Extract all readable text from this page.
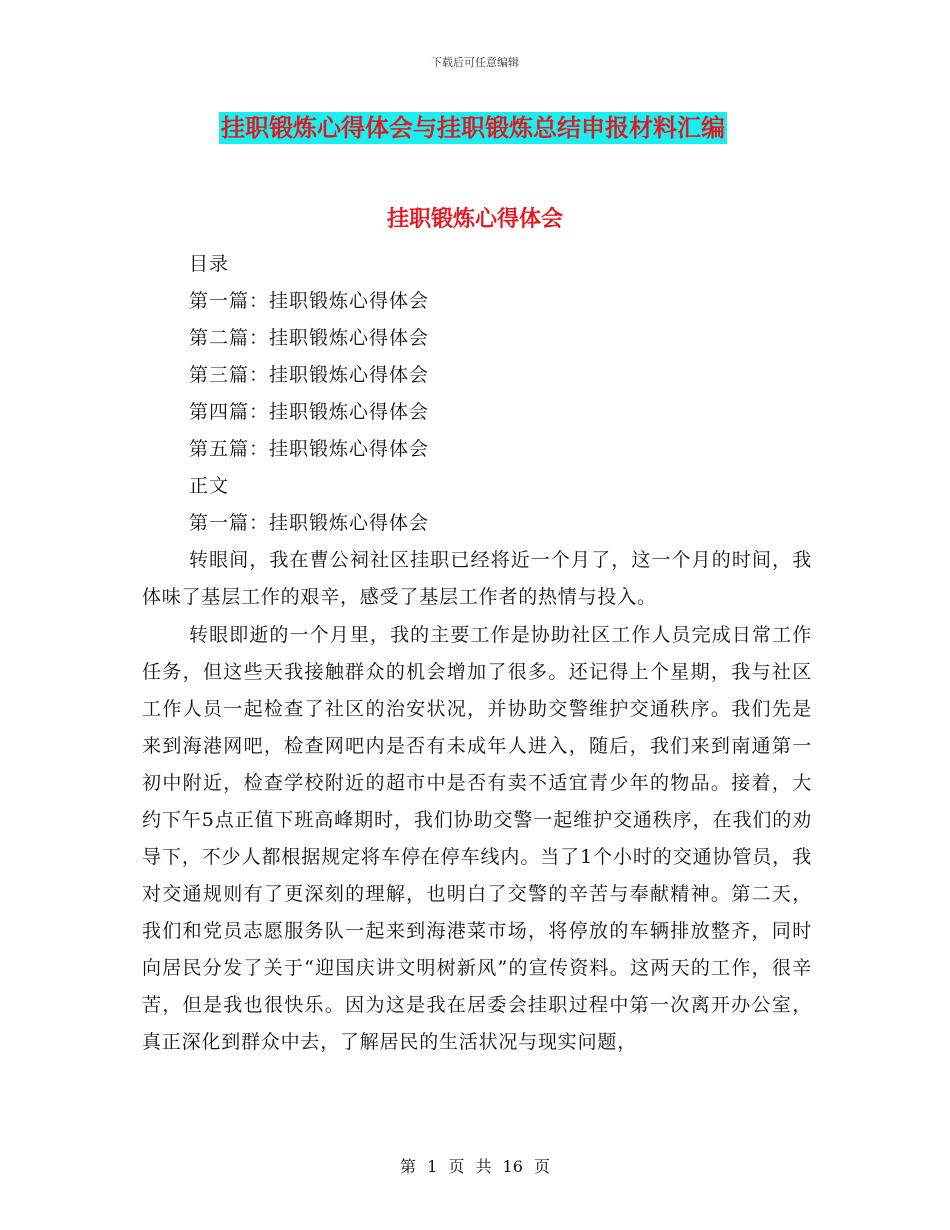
下载后可任意编辑
挂职锻炼心得体会与挂职锻炼总结申报材料汇编
挂职锻炼心得体会
目录
第一篇：挂职锻炼心得体会
第二篇：挂职锻炼心得体会
第三篇：挂职锻炼心得体会
第四篇：挂职锻炼心得体会
第五篇：挂职锻炼心得体会
正文
第一篇：挂职锻炼心得体会

转眼间，我在曹公祠社区挂职已经将近一个月了，这一个月的时间，我体味了基层工作的艰辛，感受了基层工作者的热情与投入。

转眼即逝的一个月里，我的主要工作是协助社区工作人员完成日常工作任务，但这些天我接触群众的机会增加了很多。还记得上个星期，我与社区工作人员一起检查了社区的治安状况，并协助交警维护交通秩序。我们先是来到海港网吧，检查网吧内是否有未成年人进入，随后，我们来到南通第一初中附近，检查学校附近的超市中是否有卖不适宜青少年的物品。接着，大约下午5点正值下班高峰期时，我们协助交警一起维护交通秩序，在我们的劝导下，不少人都根据规定将车停在停车线内。当了1个小时的交通协管员，我对交通规则有了更深刻的理解，也明白了交警的辛苦与奉献精神。第二天，我们和党员志愿服务队一起来到海港菜市场，将停放的车辆排放整齐，同时向居民分发了关于“迎国庆讲文明树新风”的宣传资料。这两天的工作，很辛苦，但是我也很快乐。因为这是我在居委会挂职过程中第一次离开办公室，真正深化到群众中去，了解居民的生活状况与现实问题，

第 1 页 共 16 页
